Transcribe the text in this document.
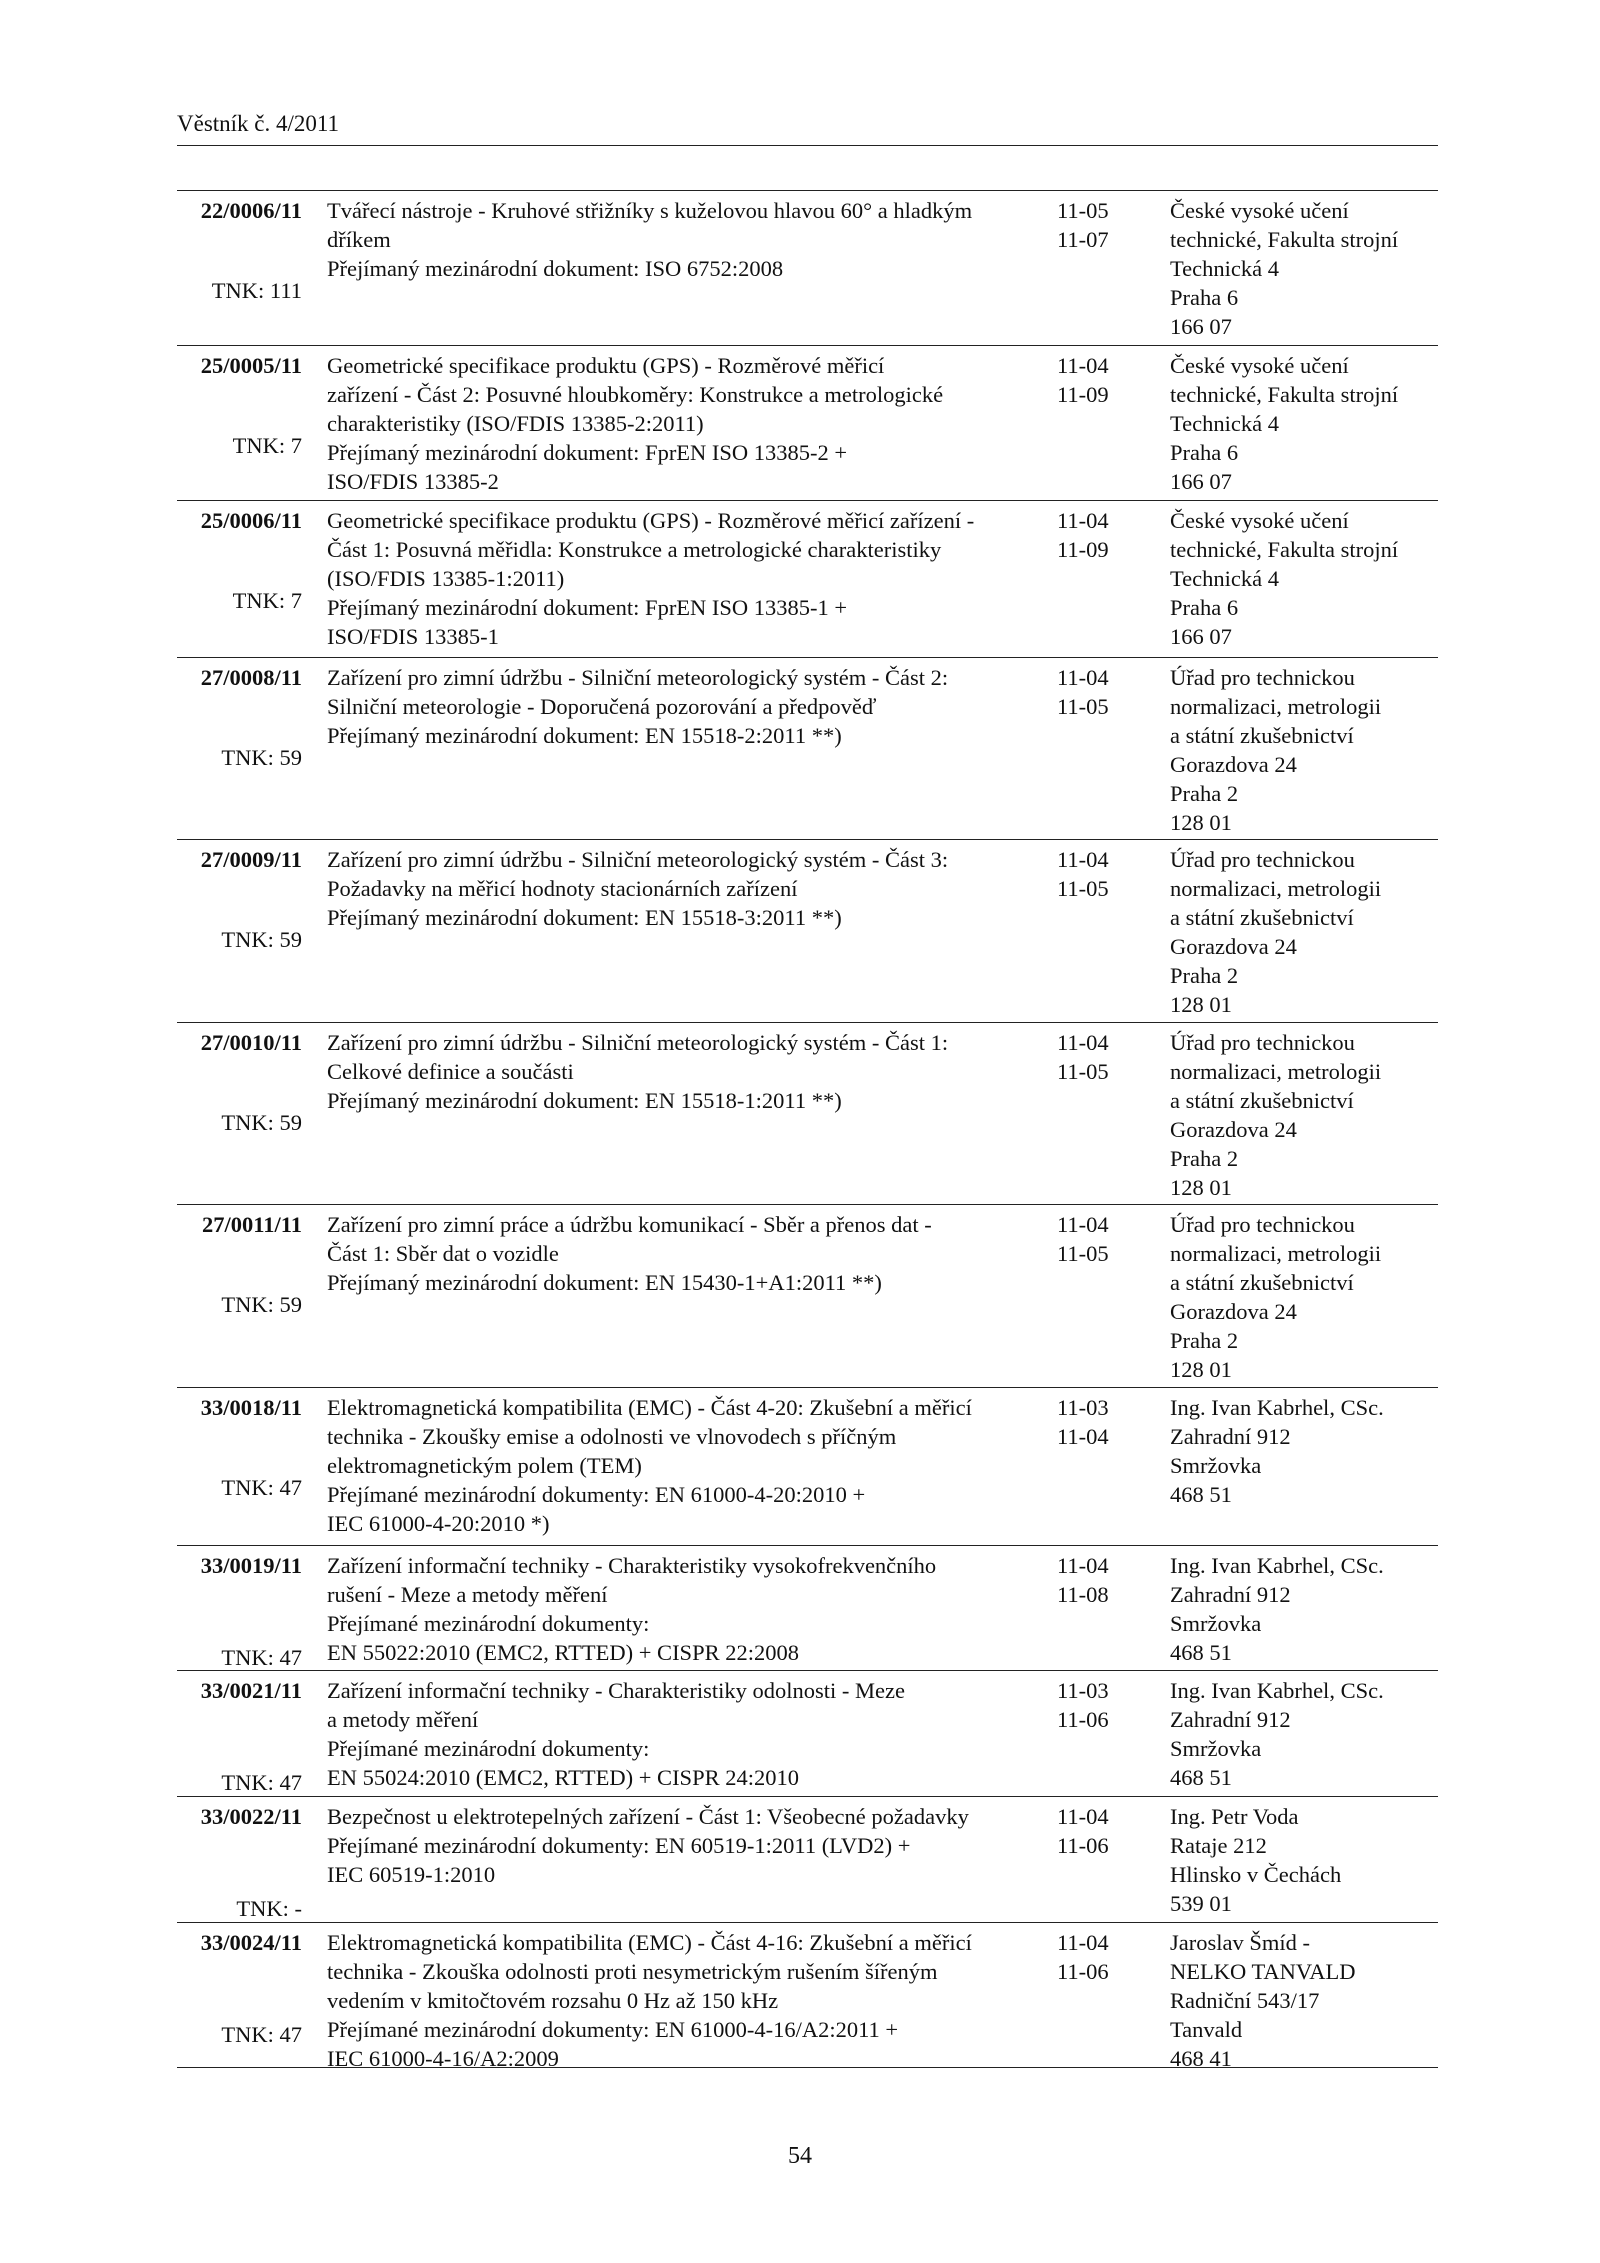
Věstník č. 4/2011
22/0006/11
TNK: 111
Tvářecí nástroje - Kruhové střižníky s kuželovou hlavou 60° a hladkým
dříkem
Přejímaný mezinárodní dokument: ISO 6752:2008
11-05
11-07
České vysoké učení
technické, Fakulta strojní
Technická 4
Praha 6
166 07
25/0005/11
TNK: 7
Geometrické specifikace produktu (GPS) - Rozměrové měřicí
zařízení - Část 2: Posuvné hloubkoměry: Konstrukce a metrologické
charakteristiky (ISO/FDIS 13385-2:2011)
Přejímaný mezinárodní dokument: FprEN ISO 13385-2 +
ISO/FDIS 13385-2
11-04
11-09
České vysoké učení
technické, Fakulta strojní
Technická 4
Praha 6
166 07
25/0006/11
TNK: 7
Geometrické specifikace produktu (GPS) - Rozměrové měřicí zařízení -
Část 1: Posuvná měřidla: Konstrukce a metrologické charakteristiky
(ISO/FDIS 13385-1:2011)
Přejímaný mezinárodní dokument: FprEN ISO 13385-1 +
ISO/FDIS 13385-1
11-04
11-09
České vysoké učení
technické, Fakulta strojní
Technická 4
Praha 6
166 07
27/0008/11
TNK: 59
Zařízení pro zimní údržbu - Silniční meteorologický systém - Část 2:
Silniční meteorologie - Doporučená pozorování a předpověď
Přejímaný mezinárodní dokument: EN 15518-2:2011 **)
11-04
11-05
Úřad pro technickou
normalizaci, metrologii
a státní zkušebnictví
Gorazdova 24
Praha 2
128 01
27/0009/11
TNK: 59
Zařízení pro zimní údržbu - Silniční meteorologický systém - Část 3:
Požadavky na měřicí hodnoty stacionárních zařízení
Přejímaný mezinárodní dokument: EN 15518-3:2011 **)
11-04
11-05
Úřad pro technickou
normalizaci, metrologii
a státní zkušebnictví
Gorazdova 24
Praha 2
128 01
27/0010/11
TNK: 59
Zařízení pro zimní údržbu - Silniční meteorologický systém - Část 1:
Celkové definice a součásti
Přejímaný mezinárodní dokument: EN 15518-1:2011 **)
11-04
11-05
Úřad pro technickou
normalizaci, metrologii
a státní zkušebnictví
Gorazdova 24
Praha 2
128 01
27/0011/11
TNK: 59
Zařízení pro zimní práce a údržbu komunikací - Sběr a přenos dat -
Část 1: Sběr dat o vozidle
Přejímaný mezinárodní dokument: EN 15430-1+A1:2011 **)
11-04
11-05
Úřad pro technickou
normalizaci, metrologii
a státní zkušebnictví
Gorazdova 24
Praha 2
128 01
33/0018/11
TNK: 47
Elektromagnetická kompatibilita (EMC) - Část 4-20: Zkušební a měřicí
technika - Zkoušky emise a odolnosti ve vlnovodech s příčným
elektromagnetickým polem (TEM)
Přejímané mezinárodní dokumenty: EN 61000-4-20:2010 +
IEC 61000-4-20:2010 *)
11-03
11-04
Ing. Ivan Kabrhel, CSc.
Zahradní 912
Smržovka
468 51
33/0019/11
TNK: 47
Zařízení informační techniky - Charakteristiky vysokofrekvenčního
rušení - Meze a metody měření
Přejímané mezinárodní dokumenty:
EN 55022:2010 (EMC2, RTTED) + CISPR 22:2008
11-04
11-08
Ing. Ivan Kabrhel, CSc.
Zahradní 912
Smržovka
468 51
33/0021/11
TNK: 47
Zařízení informační techniky - Charakteristiky odolnosti - Meze
a metody měření
Přejímané mezinárodní dokumenty:
EN 55024:2010 (EMC2, RTTED) + CISPR 24:2010
11-03
11-06
Ing. Ivan Kabrhel, CSc.
Zahradní 912
Smržovka
468 51
33/0022/11
TNK: -
Bezpečnost u elektrotepelných zařízení - Část 1: Všeobecné požadavky
Přejímané mezinárodní dokumenty: EN 60519-1:2011 (LVD2) +
IEC 60519-1:2010
11-04
11-06
Ing. Petr Voda
Rataje 212
Hlinsko v Čechách
539 01
33/0024/11
TNK: 47
Elektromagnetická kompatibilita (EMC) - Část 4-16: Zkušební a měřicí
technika - Zkouška odolnosti proti nesymetrickým rušením šířeným
vedením v kmitočtovém rozsahu 0 Hz až 150 kHz
Přejímané mezinárodní dokumenty: EN 61000-4-16/A2:2011 +
IEC 61000-4-16/A2:2009
11-04
11-06
Jaroslav Šmíd -
NELKO TANVALD
Radniční 543/17
Tanvald
468 41
54
